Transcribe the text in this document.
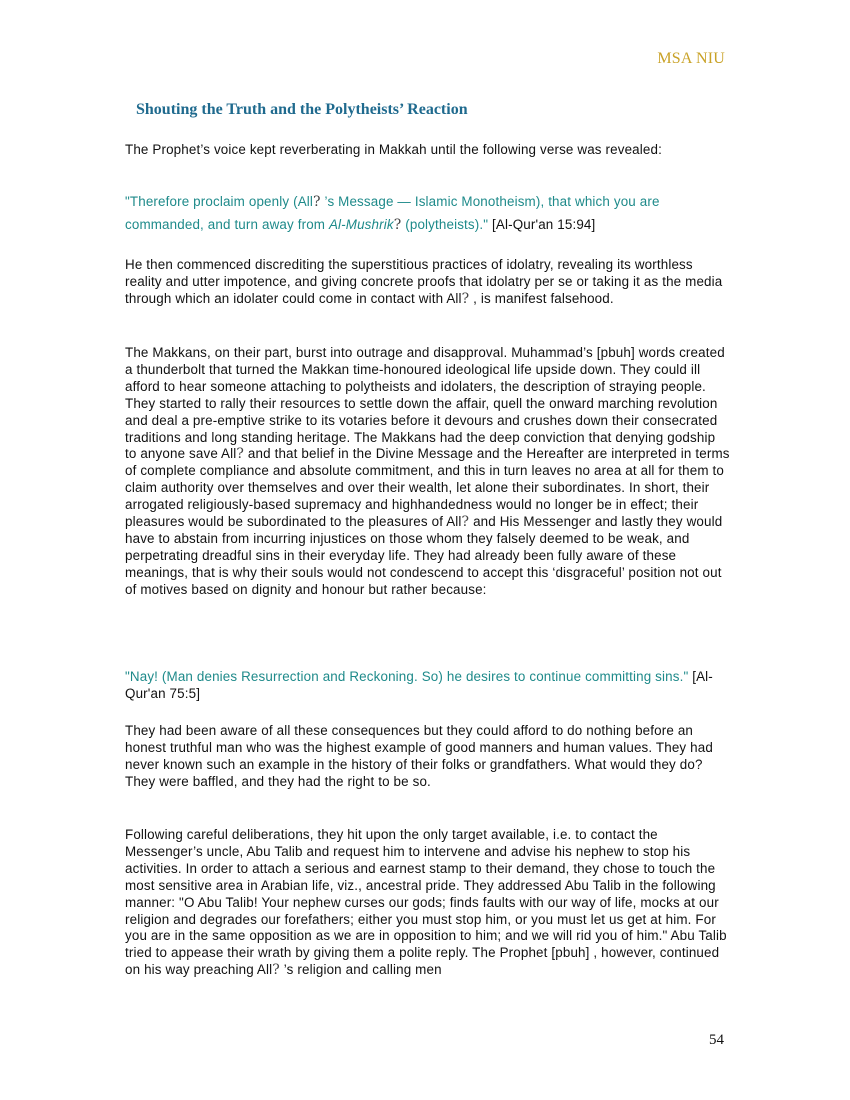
MSA NIU
Shouting the Truth and the Polytheists’ Reaction

The Prophet’s voice kept reverberating in Makkah until the following verse was revealed:

"Therefore proclaim openly (All? ’s Message — Islamic Monotheism), that which you are commanded, and turn away from Al-Mushrik? (polytheists)." [Al-Qur'an 15:94]

He then commenced discrediting the superstitious practices of idolatry, revealing its worthless reality and utter impotence, and giving concrete proofs that idolatry per se or taking it as the media through which an idolater could come in contact with All? , is manifest falsehood.

The Makkans, on their part, burst into outrage and disapproval. Muhammad’s [pbuh] words created a thunderbolt that turned the Makkan time-honoured ideological life upside down. They could ill afford to hear someone attaching to polytheists and idolaters, the description of straying people. They started to rally their resources to settle down the affair, quell the onward marching revolution and deal a pre-emptive strike to its votaries before it devours and crushes down their consecrated traditions and long standing heritage. The Makkans had the deep conviction that denying godship to anyone save All? and that belief in the Divine Message and the Hereafter are interpreted in terms of complete compliance and absolute commitment, and this in turn leaves no area at all for them to claim authority over themselves and over their wealth, let alone their subordinates. In short, their arrogated religiously-based supremacy and highhandedness would no longer be in effect; their pleasures would be subordinated to the pleasures of All? and His Messenger and lastly they would have to abstain from incurring injustices on those whom they falsely deemed to be weak, and perpetrating dreadful sins in their everyday life. They had already been fully aware of these meanings, that is why their souls would not condescend to accept this ‘disgraceful’ position not out of motives based on dignity and honour but rather because:

"Nay! (Man denies Resurrection and Reckoning. So) he desires to continue committing sins." [Al-Qur'an 75:5]

They had been aware of all these consequences but they could afford to do nothing before an honest truthful man who was the highest example of good manners and human values. They had never known such an example in the history of their folks or grandfathers. What would they do? They were baffled, and they had the right to be so.

Following careful deliberations, they hit upon the only target available, i.e. to contact the Messenger’s uncle, Abu Talib and request him to intervene and advise his nephew to stop his activities. In order to attach a serious and earnest stamp to their demand, they chose to touch the most sensitive area in Arabian life, viz., ancestral pride. They addressed Abu Talib in the following manner: "O Abu Talib! Your nephew curses our gods; finds faults with our way of life, mocks at our religion and degrades our forefathers; either you must stop him, or you must let us get at him. For you are in the same opposition as we are in opposition to him; and we will rid you of him." Abu Talib tried to appease their wrath by giving them a polite reply. The Prophet [pbuh] , however, continued on his way preaching All? ’s religion and calling men

54
